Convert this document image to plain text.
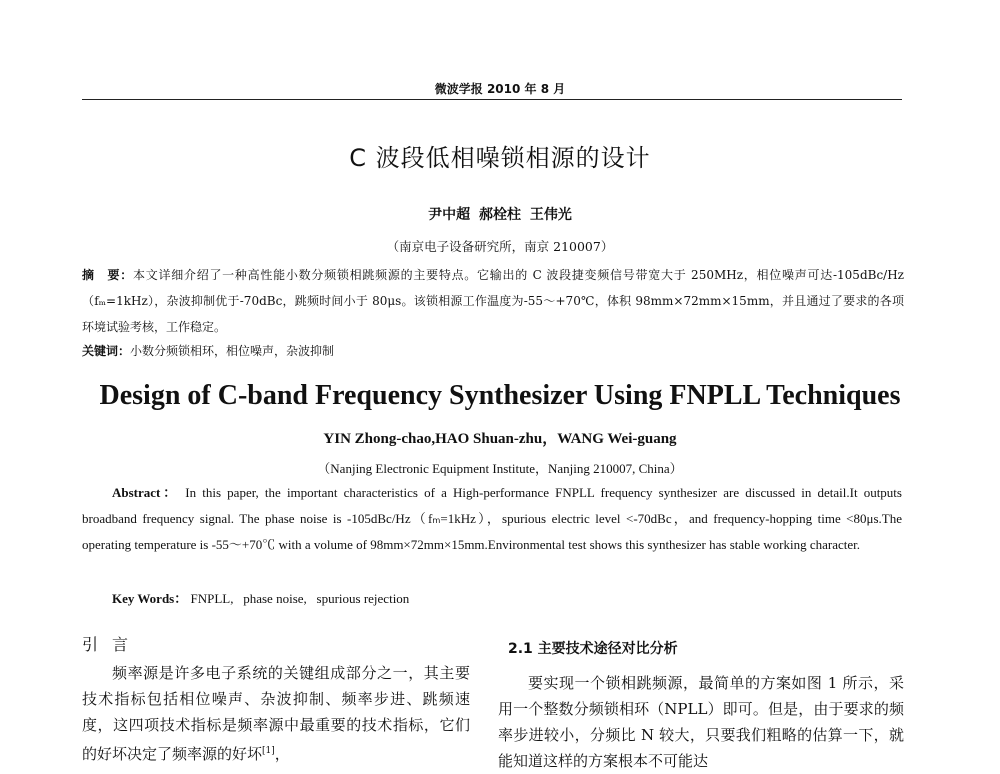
微波学报 2010 年 8 月
C 波段低相噪锁相源的设计
尹中超 郝栓柱 王伟光
（南京电子设备研究所，南京 210007）
摘　要：本文详细介绍了一种高性能小数分频锁相跳频源的主要特点。它输出的 C 波段捷变频信号带宽大于 250MHz，相位噪声可达-105dBc/Hz（fₘ=1kHz），杂波抑制优于-70dBc，跳频时间小于 80μs。该锁相源工作温度为-55～+70℃，体积 98mm×72mm×15mm，并且通过了要求的各项环境试验考核，工作稳定。
关键词：小数分频锁相环，相位噪声，杂波抑制
Design of C-band Frequency Synthesizer Using FNPLL Techniques
YIN Zhong-chao,HAO Shuan-zhu，WANG Wei-guang
（Nanjing Electronic Equipment Institute，Nanjing 210007, China）
Abstract： In this paper, the important characteristics of a High-performance FNPLL frequency synthesizer are discussed in detail.It outputs broadband frequency signal. The phase noise is -105dBc/Hz（fₘ=1kHz），spurious electric level <-70dBc，and frequency-hopping time <80μs.The operating temperature is -55～+70℃ with a volume of 98mm×72mm×15mm.Environmental test shows this synthesizer has stable working character.
Key Words： FNPLL,   phase noise,   spurious rejection
引言
频率源是许多电子系统的关键组成部分之一，其主要技术指标包括相位噪声、杂波抑制、频率步进、跳频速度，这四项技术指标是频率源中最重要的技术指标，它们的好坏决定了频率源的好坏[1]，
2.1 主要技术途径对比分析
要实现一个锁相跳频源，最简单的方案如图 1 所示，采用一个整数分频锁相环（NPLL）即可。但是，由于要求的频率步进较小，分频比 N 较大，只要我们粗略的估算一下，就能知道这样的方案根本不可能达
